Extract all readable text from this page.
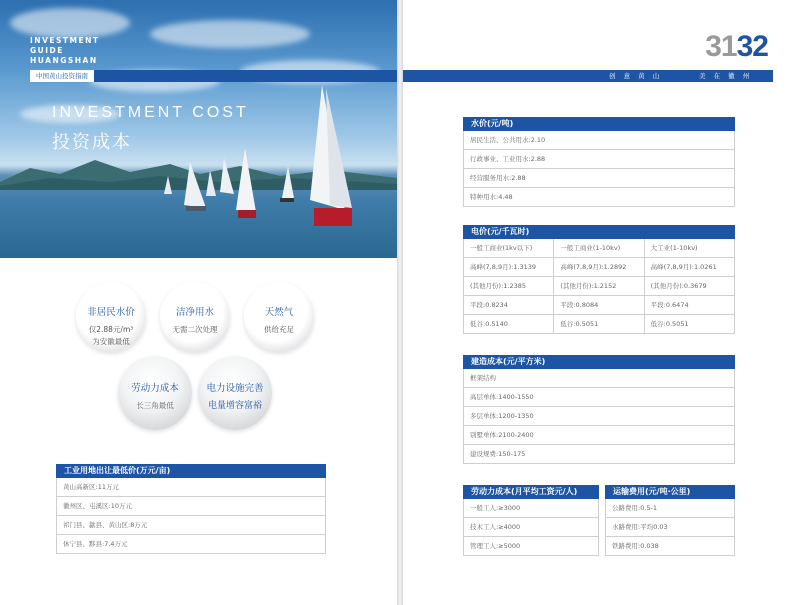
INVESTMENT
GUIDE
HUANGSHAN
中国黄山投资指南
INVESTMENT COST
投资成本
非居民水价
仅2.88元/m³
为安徽最低
洁净用水
无需二次处理
天然气
供给充足
劳动力成本
长三角最低
电力设施完善
电量增容富裕
工业用地出让最低价(万元/亩)
黄山高新区:11万元
徽州区、屯溪区:10万元
祁门县、歙县、黄山区:8万元
休宁县、黟县:7.4万元
3132
创 意 黄 山	美 在 徽 州
水价(元/吨)
居民生活、公共用水:2.10
行政事业、工业用水:2.88
经营服务用水:2.88
特种用水:4.48
电价(元/千瓦时)
一般工商业(1kv以下)	一般工商业(1-10kv)	大工业(1-10kv)
高峰(7,8,9月):1.3139	高峰(7,8,9月):1.2892	高峰(7,8,9月):1.0261
(其他月份):1.2385	(其他月份):1.2152	(其他月份):0.3679
平段:0.8234	平段:0.8084	平段:0.6474
低谷:0.5140	低谷:0.5051	低谷:0.5051
建造成本(元/平方米)
框架结构
高层单体:1400-1550
多层单体:1200-1350
别墅单体:2100-2400
建设规费:150-175
劳动力成本(月平均工资元/人)
一般工人:≥3000
技术工人:≥4000
管理工人:≥5000
运输费用(元/吨·公里)
公路费用:0.5-1
水路费用:平均0.03
铁路费用:0.038
